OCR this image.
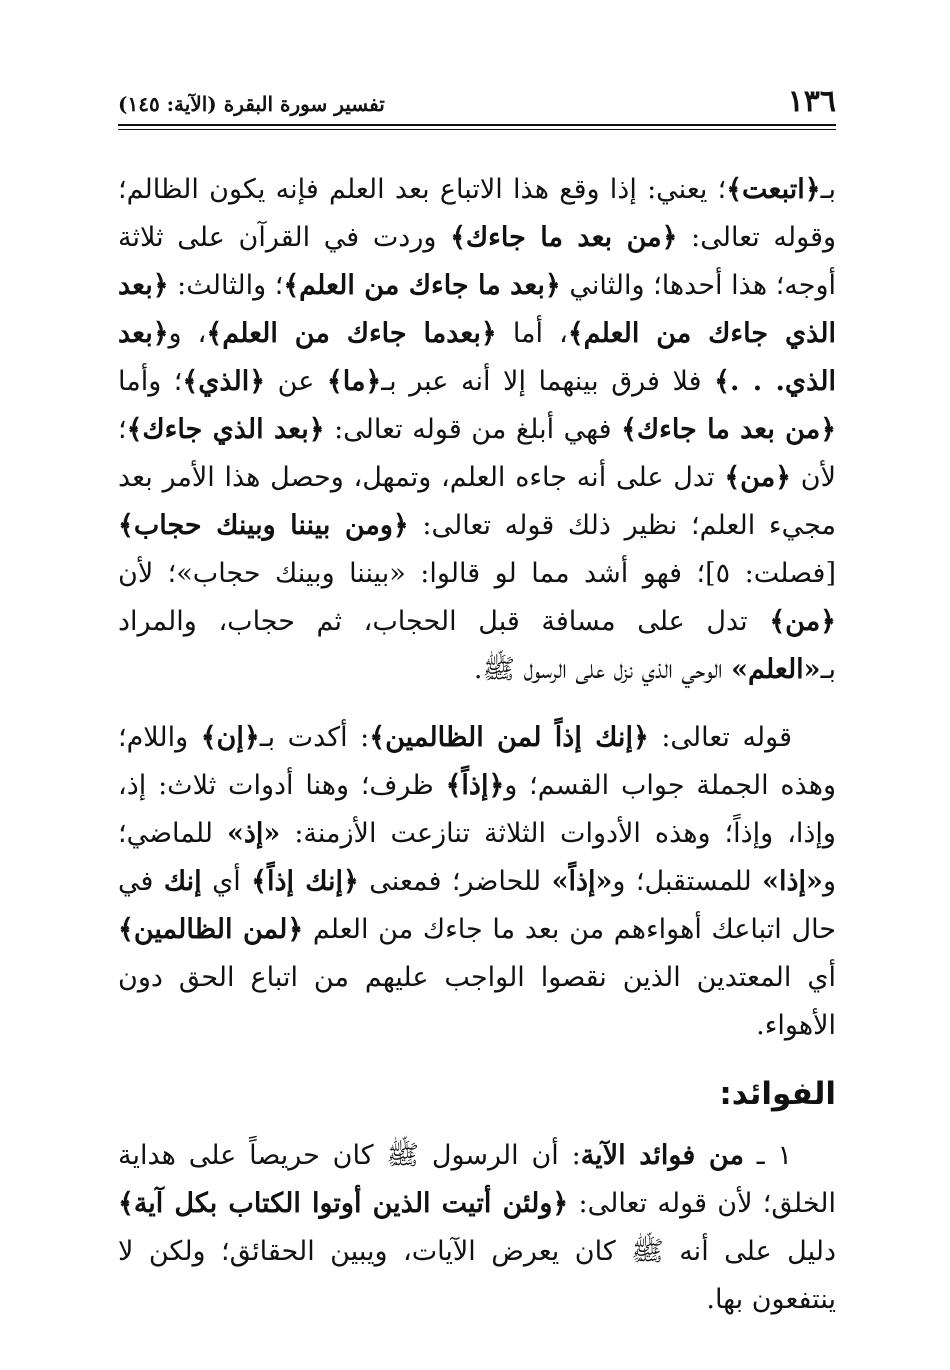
١٣٦
تفسير سورة البقرة (الآية: ١٤٥)

بـ﴿اتبعت﴾؛ يعني: إذا وقع هذا الاتباع بعد العلم فإنه يكون الظالم؛ وقوله تعالى: ﴿من بعد ما جاءك﴾ وردت في القرآن على ثلاثة أوجه؛ هذا أحدها؛ والثاني ﴿بعد ما جاءك من العلم﴾؛ والثالث: ﴿بعد الذي جاءك من العلم﴾، أما ﴿بعدما جاءك من العلم﴾، و﴿بعد الذي. . .﴾ فلا فرق بينهما إلا أنه عبر بـ﴿ما﴾ عن ﴿الذي﴾؛ وأما ﴿من بعد ما جاءك﴾ فهي أبلغ من قوله تعالى: ﴿بعد الذي جاءك﴾؛ لأن ﴿من﴾ تدل على أنه جاءه العلم، وتمهل، وحصل هذا الأمر بعد مجيء العلم؛ نظير ذلك قوله تعالى: ﴿ومن بيننا وبينك حجاب﴾ [فصلت: ٥]؛ فهو أشد مما لو قالوا: «بيننا وبينك حجاب»؛ لأن ﴿من﴾ تدل على مسافة قبل الحجاب، ثم حجاب، والمراد بـ«العلم» الوحي الذي نزل على الرسول ﷺ.

قوله تعالى: ﴿إنك إذاً لمن الظالمين﴾: أكدت بـ﴿إن﴾ واللام؛ وهذه الجملة جواب القسم؛ و﴿إذاً﴾ ظرف؛ وهنا أدوات ثلاث: إذ، وإذا، وإذاً؛ وهذه الأدوات الثلاثة تنازعت الأزمنة: «إذ» للماضي؛ و«إذا» للمستقبل؛ و«إذاً» للحاضر؛ فمعنى ﴿إنك إذاً﴾ أي إنك في حال اتباعك أهواءهم من بعد ما جاءك من العلم ﴿لمن الظالمين﴾ أي المعتدين الذين نقصوا الواجب عليهم من اتباع الحق دون الأهواء.

الفوائد:

١ ـ من فوائد الآية: أن الرسول ﷺ كان حريصاً على هداية الخلق؛ لأن قوله تعالى: ﴿ولئن أتيت الذين أوتوا الكتاب بكل آية﴾ دليل على أنه ﷺ كان يعرض الآيات، ويبين الحقائق؛ ولكن لا ينتفعون بها.
